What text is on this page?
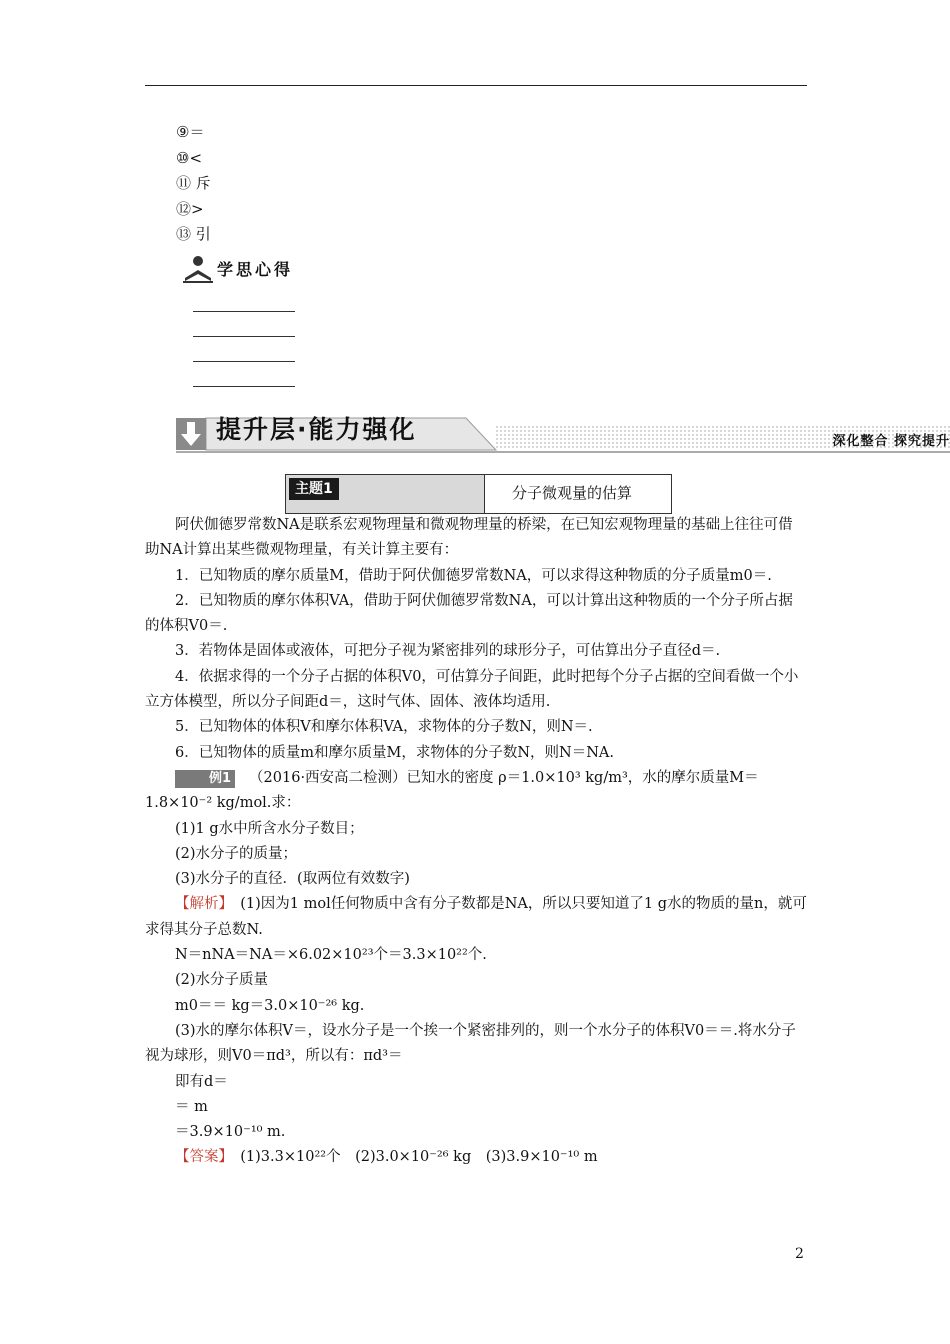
⑨＝
⑩<
⑪ 斥
⑫>
⑬ 引
学思心得
提升层·能力强化	深化整合 探究提升
主题1	分子微观量的估算

阿伏伽德罗常数NA是联系宏观物理量和微观物理量的桥梁，在已知宏观物理量的基础上往往可借助NA计算出某些微观物理量，有关计算主要有：

1．已知物质的摩尔质量M，借助于阿伏伽德罗常数NA，可以求得这种物质的分子质量m0＝.

2．已知物质的摩尔体积VA，借助于阿伏伽德罗常数NA，可以计算出这种物质的一个分子所占据的体积V0＝.

3．若物体是固体或液体，可把分子视为紧密排列的球形分子，可估算出分子直径d＝.

4．依据求得的一个分子占据的体积V0，可估算分子间距，此时把每个分子占据的空间看做一个小立方体模型，所以分子间距d＝，这时气体、固体、液体均适用.

5．已知物体的体积V和摩尔体积VA，求物体的分子数N，则N＝.

6．已知物体的质量m和摩尔质量M，求物体的分子数N，则N＝NA.

例1 （2016·西安高二检测）已知水的密度 ρ＝1.0×10³ kg/m³，水的摩尔质量M＝1.8×10⁻² kg/mol.求：

(1)1 g水中所含水分子数目；

(2)水分子的质量；

(3)水分子的直径．(取两位有效数字)

【解析】　 (1)因为1 mol任何物质中含有分子数都是NA，所以只要知道了1 g水的物质的量n，就可求得其分子总数N.

N＝nNA＝NA＝×6.02×10²³个＝3.3×10²²个.

(2)水分子质量

m0＝＝ kg＝3.0×10⁻²⁶ kg.

(3)水的摩尔体积V＝，设水分子是一个挨一个紧密排列的，则一个水分子的体积V0＝＝.将水分子视为球形，则V0＝πd³，所以有：πd³＝

即有d＝

＝ m

＝3.9×10⁻¹⁰ m.

【答案】　 (1)3.3×10²²个　(2)3.0×10⁻²⁶ kg　(3)3.9×10⁻¹⁰ m

2
